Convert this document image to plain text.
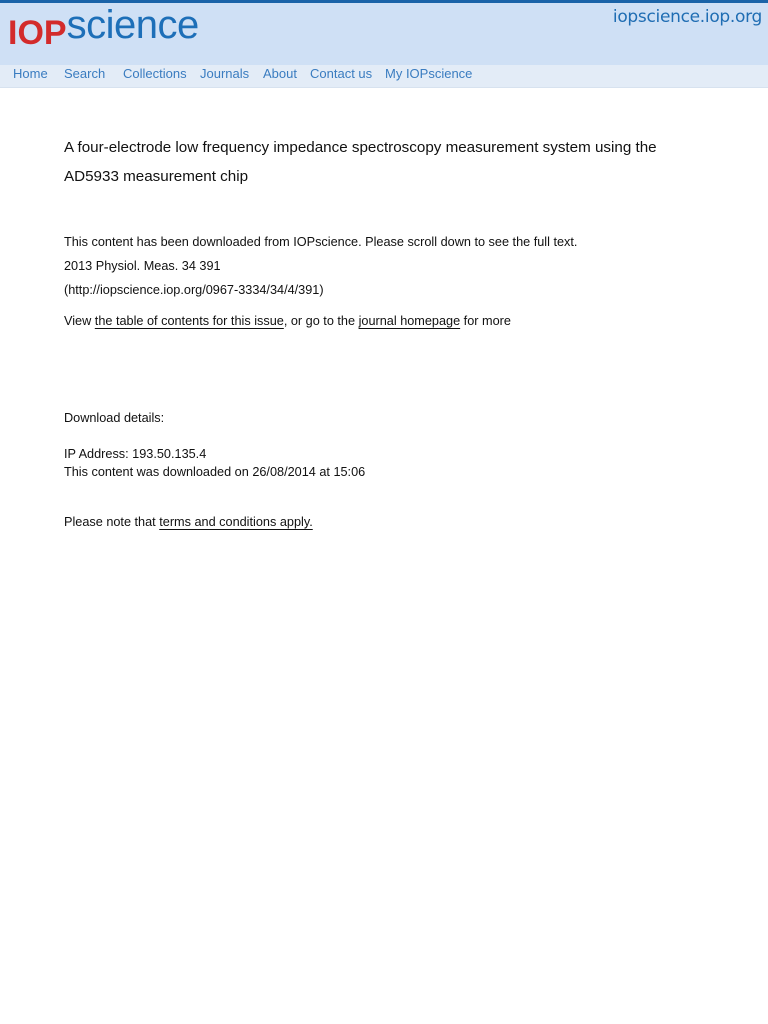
IOPscience	iopscience.iop.org
Home Search Collections Journals About Contact us My IOPscience
A four-electrode low frequency impedance spectroscopy measurement system using the AD5933 measurement chip
This content has been downloaded from IOPscience. Please scroll down to see the full text.
2013 Physiol. Meas. 34 391
(http://iopscience.iop.org/0967-3334/34/4/391)
View the table of contents for this issue, or go to the journal homepage for more
Download details:
IP Address: 193.50.135.4
This content was downloaded on 26/08/2014 at 15:06
Please note that terms and conditions apply.
